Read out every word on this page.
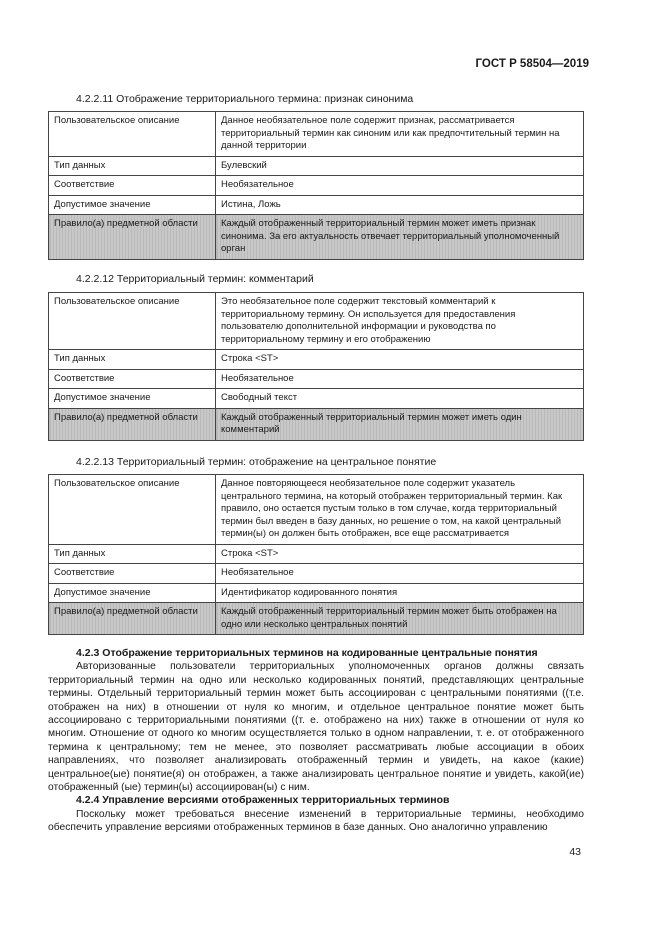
ГОСТ Р 58504—2019
4.2.2.11 Отображение территориального термина: признак синонима
Пользовательское описание	Данное необязательное поле содержит признак, рассматривается территориальный термин как синоним или как предпочтительный термин на данной территории
Тип данных	Булевский
Соответствие	Необязательное
Допустимое значение	Истина, Ложь
Правило(а) предметной области	Каждый отображенный территориальный термин может иметь признак синонима. За его актуальность отвечает территориальный уполномоченный орган
4.2.2.12 Территориальный термин: комментарий
Пользовательское описание	Это необязательное поле содержит текстовый комментарий к территориальному термину. Он используется для предоставления пользователю дополнительной информации и руководства по территориальному термину и его отображению
Тип данных	Строка <ST>
Соответствие	Необязательное
Допустимое значение	Свободный текст
Правило(а) предметной области	Каждый отображенный территориальный термин может иметь один комментарий
4.2.2.13 Территориальный термин: отображение на центральное понятие
Пользовательское описание	Данное повторяющееся необязательное поле содержит указатель центрального термина, на который отображен территориальный термин. Как правило, оно остается пустым только в том случае, когда территориальный термин был введен в базу данных, но решение о том, на какой центральный термин(ы) он должен быть отображен, все еще рассматривается
Тип данных	Строка <ST>
Соответствие	Необязательное
Допустимое значение	Идентификатор кодированного понятия
Правило(а) предметной области	Каждый отображенный территориальный термин может быть отображен на одно или несколько центральных понятий
4.2.3 Отображение территориальных терминов на кодированные центральные понятия

Авторизованные пользователи территориальных уполномоченных органов должны связать территориальный термин на одно или несколько кодированных понятий, представляющих центральные термины. Отдельный территориальный термин может быть ассоциирован с центральными понятиями ((т.е. отображен на них) в отношении от нуля ко многим, и отдельное центральное понятие может быть ассоциировано с территориальными понятиями ((т. е. отображено на них) также в отношении от нуля ко многим. Отношение от одного ко многим осуществляется только в одном направлении, т. е. от отображенного термина к центральному; тем не менее, это позволяет рассматривать любые ассоциации в обоих направлениях, что позволяет анализировать отображенный термин и увидеть, на какое (какие) центральное(ые) понятие(я) он отображен, а также анализировать центральное понятие и увидеть, какой(ие) отображенный (ые) термин(ы) ассоциирован(ы) с ним.

4.2.4 Управление версиями отображенных территориальных терминов

Поскольку может требоваться внесение изменений в территориальные термины, необходимо обеспечить управление версиями отображенных терминов в базе данных. Оно аналогично управлению

43
